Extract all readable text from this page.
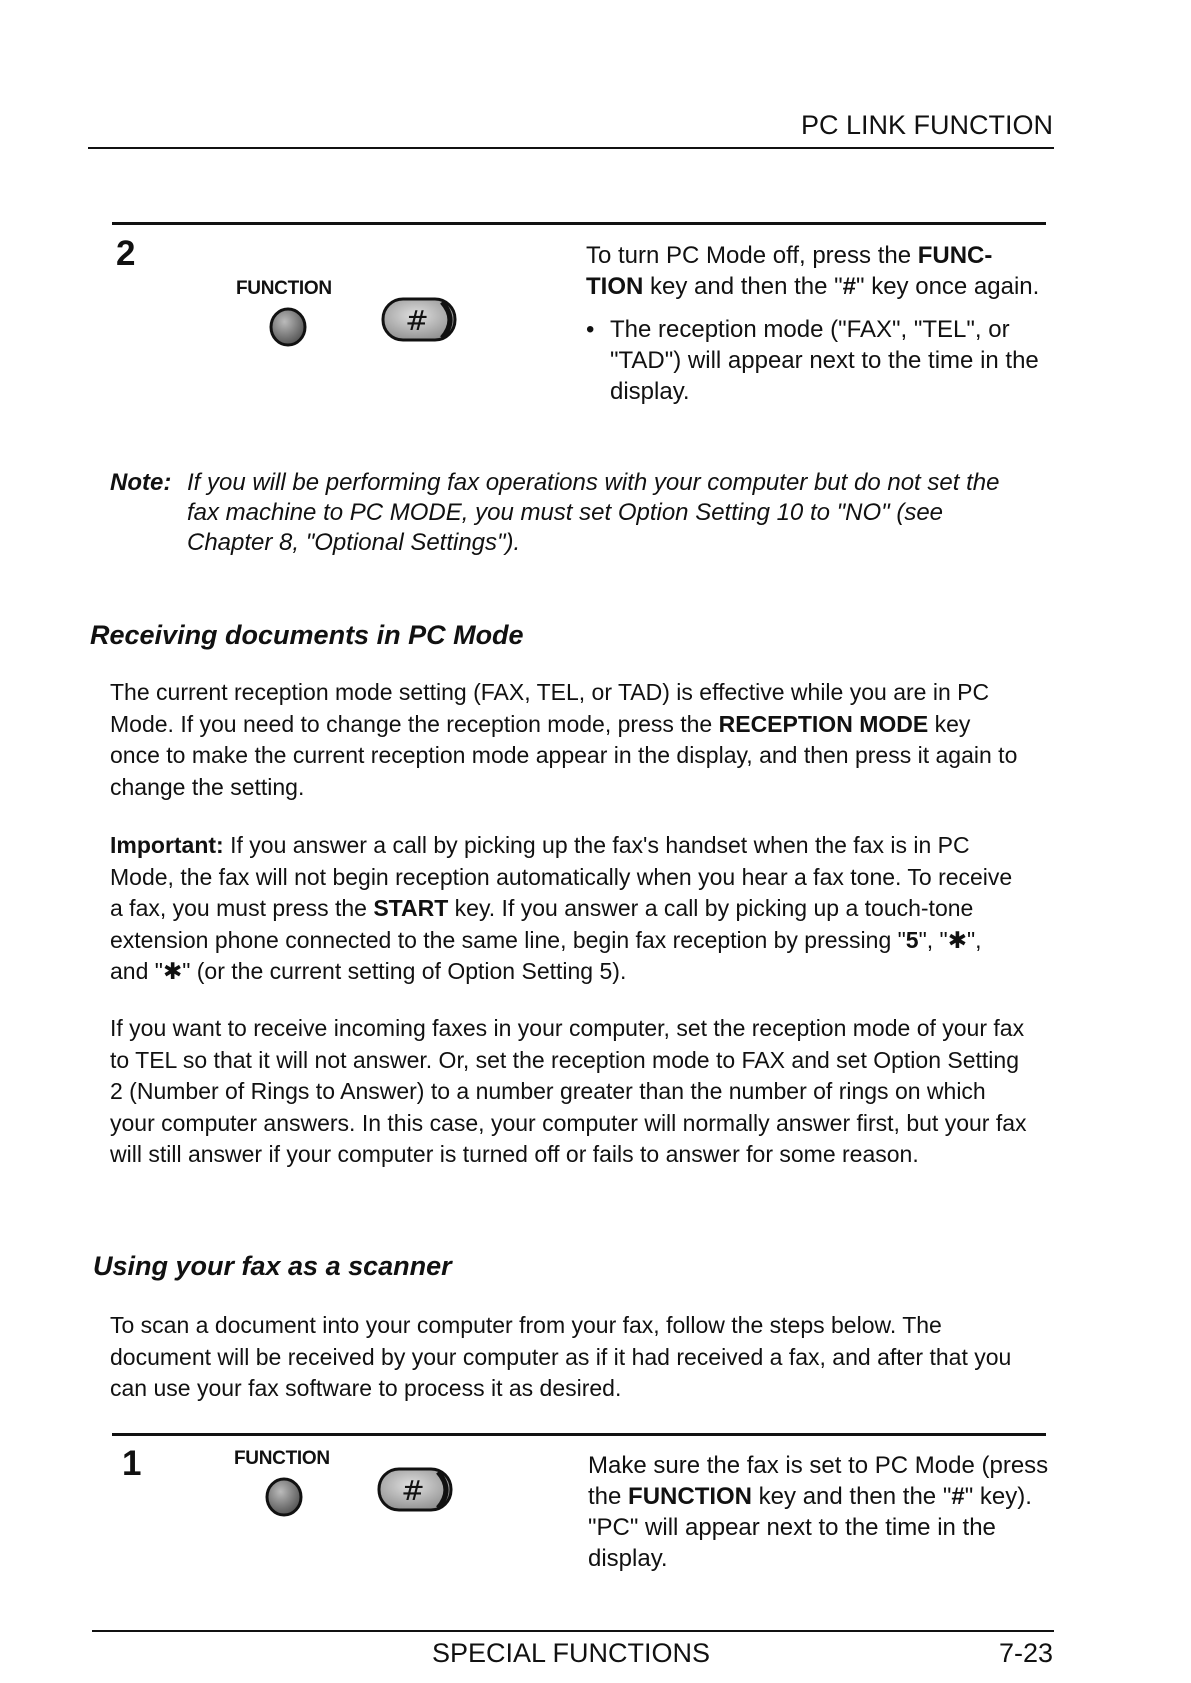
PC LINK FUNCTION
2
FUNCTION
#
To turn PC Mode off, press the FUNC-
TION key and then the "#" key once again.
• The reception mode ("FAX", "TEL", or "TAD") will appear next to the time in the display.
Note: If you will be performing fax operations with your computer but do not set the fax machine to PC MODE, you must set Option Setting 10 to "NO" (see Chapter 8, "Optional Settings").
Receiving documents in PC Mode
The current reception mode setting (FAX, TEL, or TAD) is effective while you are in PC Mode. If you need to change the reception mode, press the RECEPTION MODE key once to make the current reception mode appear in the display, and then press it again to change the setting.
Important: If you answer a call by picking up the fax's handset when the fax is in PC Mode, the fax will not begin reception automatically when you hear a fax tone. To receive a fax, you must press the START key. If you answer a call by picking up a touch-tone extension phone connected to the same line, begin fax reception by pressing "5", "✱", and "✱" (or the current setting of Option Setting 5).
If you want to receive incoming faxes in your computer, set the reception mode of your fax to TEL so that it will not answer. Or, set the reception mode to FAX and set Option Setting 2 (Number of Rings to Answer) to a number greater than the number of rings on which your computer answers. In this case, your computer will normally answer first, but your fax will still answer if your computer is turned off or fails to answer for some reason.
Using your fax as a scanner
To scan a document into your computer from your fax, follow the steps below. The document will be received by your computer as if it had received a fax, and after that you can use your fax software to process it as desired.
1	FUNCTION
#
Make sure the fax is set to PC Mode (press the FUNCTION key and then the "#" key). "PC" will appear next to the time in the display.
SPECIAL FUNCTIONS	7-23
